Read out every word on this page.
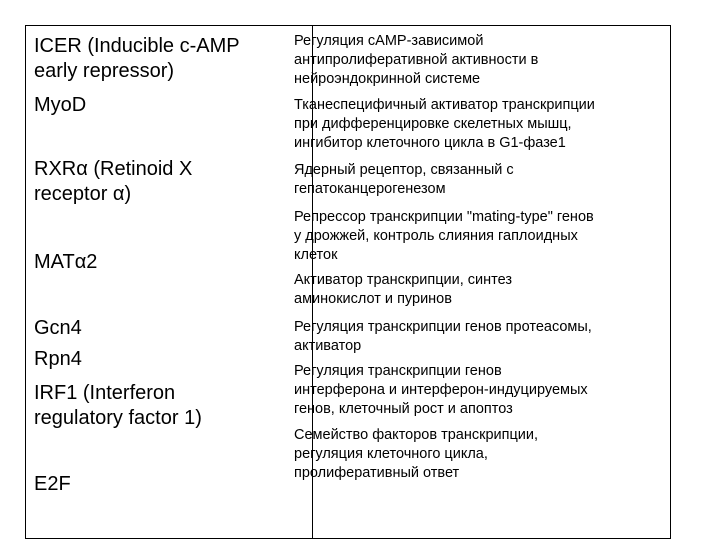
ICER (Inducible c-AMP
early repressor)
MyoD
RXRα (Retinoid X
receptor α)
MATα2
Gcn4
Rpn4
IRF1 (Interferon
regulatory factor 1)
E2F
Регуляция cAMP-зависимой
антипролиферативной активности в
нейроэндокринной системе
Тканеспецифичный активатор транскрипции
при дифференцировке скелетных мышц,
ингибитор клеточного цикла в G1-фазе1
Ядерный рецептор, связанный с
гепатоканцерогенезом
Репрессор транскрипции "mating-type" генов
у дрожжей, контроль слияния гаплоидных
клеток
Активатор транскрипции, синтез
аминокислот и пуринов
Регуляция транскрипции генов протеасомы,
активатор
Регуляция транскрипции генов
интерферона и интерферон-индуцируемых
генов, клеточный рост и апоптоз
Семейство факторов транскрипции,
регуляция клеточного цикла,
пролиферативный ответ
